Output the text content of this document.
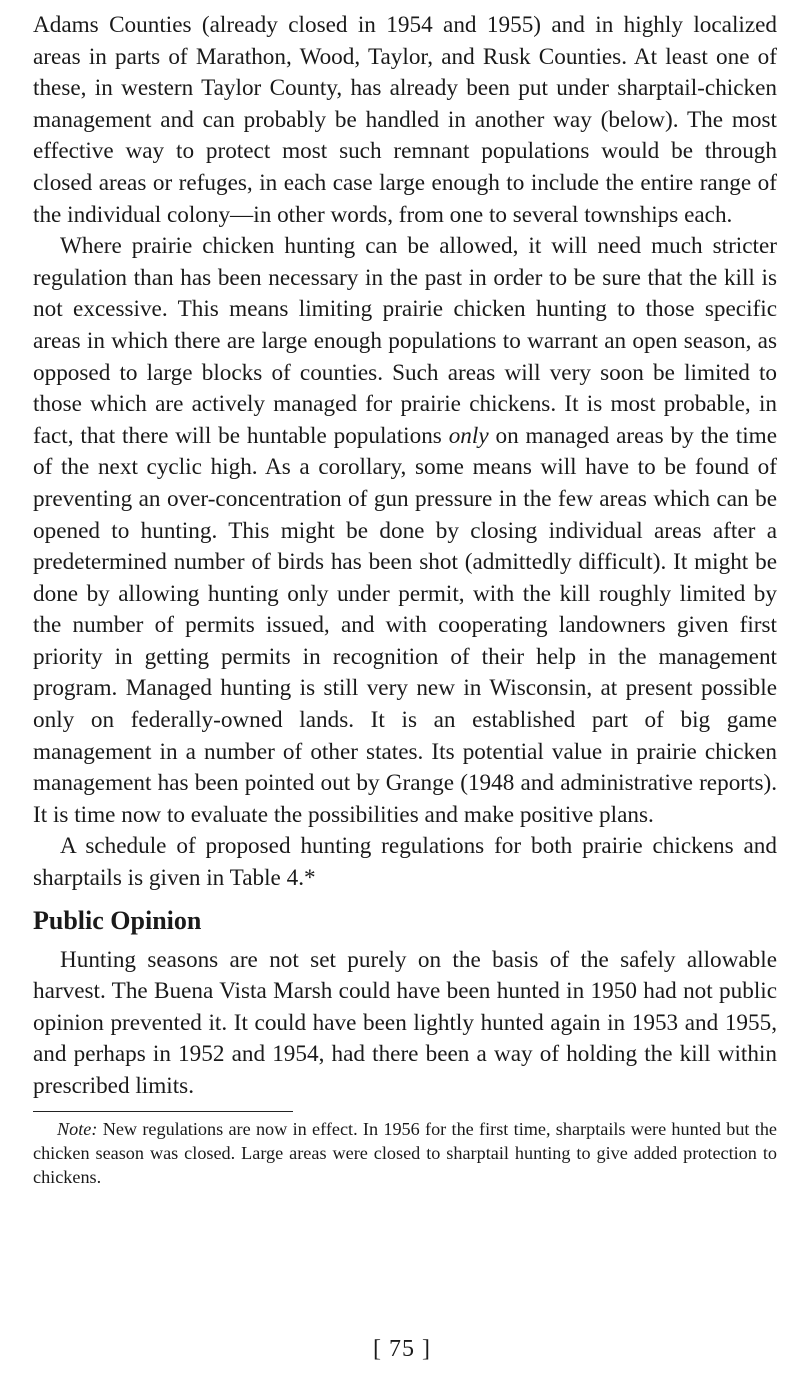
Adams Counties (already closed in 1954 and 1955) and in highly localized areas in parts of Marathon, Wood, Taylor, and Rusk Counties. At least one of these, in western Taylor County, has already been put under sharptail-chicken management and can probably be handled in another way (below). The most effective way to protect most such remnant populations would be through closed areas or refuges, in each case large enough to include the entire range of the individual colony—in other words, from one to several townships each.

Where prairie chicken hunting can be allowed, it will need much stricter regulation than has been necessary in the past in order to be sure that the kill is not excessive. This means limiting prairie chicken hunting to those specific areas in which there are large enough populations to warrant an open season, as opposed to large blocks of counties. Such areas will very soon be limited to those which are actively managed for prairie chickens. It is most probable, in fact, that there will be huntable populations only on managed areas by the time of the next cyclic high. As a corollary, some means will have to be found of preventing an over-concentration of gun pressure in the few areas which can be opened to hunting. This might be done by closing individual areas after a predetermined number of birds has been shot (admittedly difficult). It might be done by allowing hunting only under permit, with the kill roughly limited by the number of permits issued, and with cooperating landowners given first priority in getting permits in recognition of their help in the management program. Managed hunting is still very new in Wisconsin, at present possible only on federally-owned lands. It is an established part of big game management in a number of other states. Its potential value in prairie chicken management has been pointed out by Grange (1948 and administrative reports). It is time now to evaluate the possibilities and make positive plans.

A schedule of proposed hunting regulations for both prairie chickens and sharptails is given in Table 4.*

Public Opinion

Hunting seasons are not set purely on the basis of the safely allowable harvest. The Buena Vista Marsh could have been hunted in 1950 had not public opinion prevented it. It could have been lightly hunted again in 1953 and 1955, and perhaps in 1952 and 1954, had there been a way of holding the kill within prescribed limits.

Note: New regulations are now in effect. In 1956 for the first time, sharptails were hunted but the chicken season was closed. Large areas were closed to sharptail hunting to give added protection to chickens.

[ 75 ]
